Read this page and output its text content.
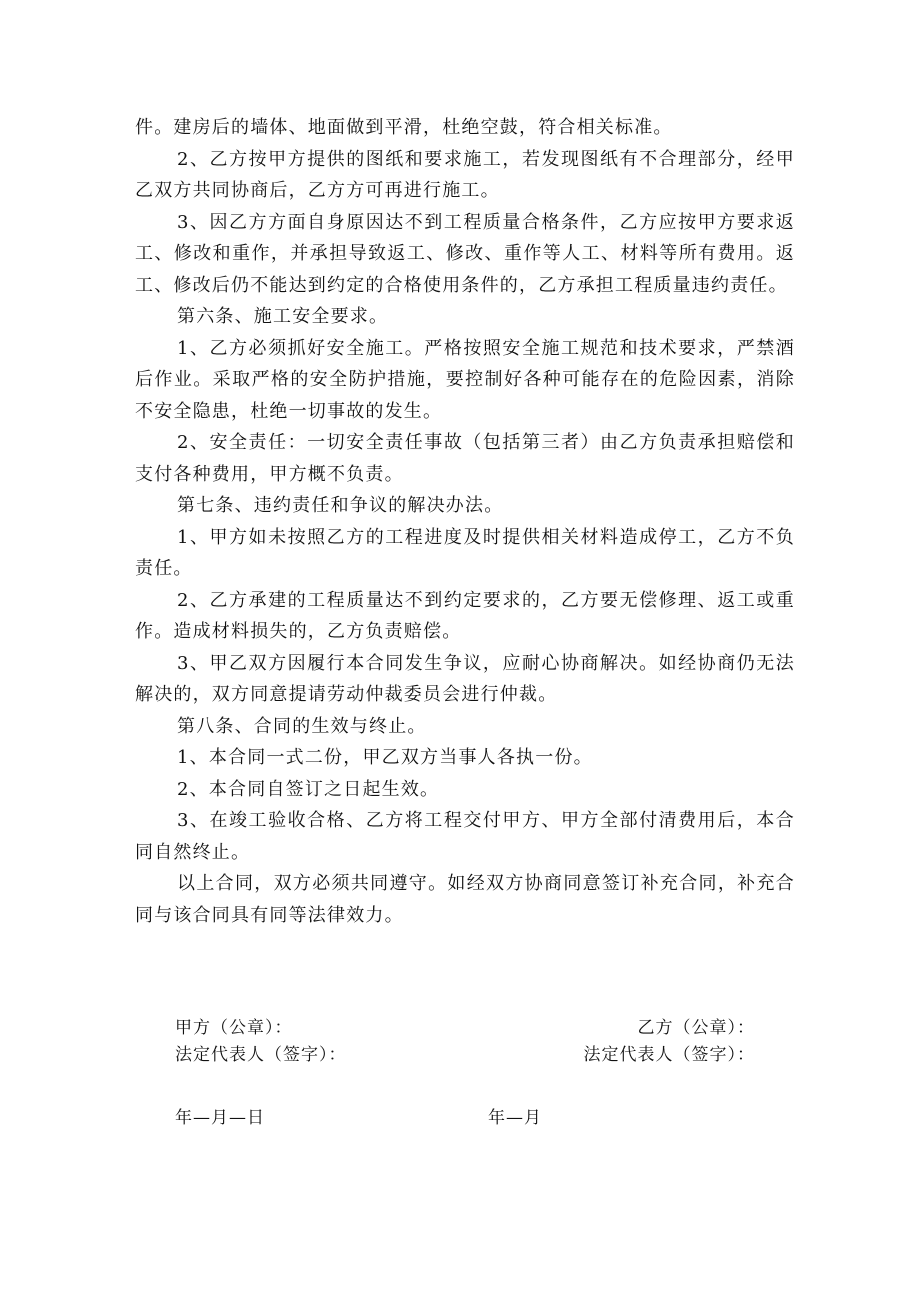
件。建房后的墙体、地面做到平滑，杜绝空鼓，符合相关标准。

2、乙方按甲方提供的图纸和要求施工，若发现图纸有不合理部分，经甲乙双方共同协商后，乙方方可再进行施工。

3、因乙方方面自身原因达不到工程质量合格条件，乙方应按甲方要求返工、修改和重作，并承担导致返工、修改、重作等人工、材料等所有费用。返工、修改后仍不能达到约定的合格使用条件的，乙方承担工程质量违约责任。

第六条、施工安全要求。

1、乙方必须抓好安全施工。严格按照安全施工规范和技术要求，严禁酒后作业。采取严格的安全防护措施，要控制好各种可能存在的危险因素，消除不安全隐患，杜绝一切事故的发生。

2、安全责任：一切安全责任事故（包括第三者）由乙方负责承担赔偿和支付各种费用，甲方概不负责。

第七条、违约责任和争议的解决办法。

1、甲方如未按照乙方的工程进度及时提供相关材料造成停工，乙方不负责任。

2、乙方承建的工程质量达不到约定要求的，乙方要无偿修理、返工或重作。造成材料损失的，乙方负责赔偿。

3、甲乙双方因履行本合同发生争议，应耐心协商解决。如经协商仍无法解决的，双方同意提请劳动仲裁委员会进行仲裁。

第八条、合同的生效与终止。

1、本合同一式二份，甲乙双方当事人各执一份。

2、本合同自签订之日起生效。

3、在竣工验收合格、乙方将工程交付甲方、甲方全部付清费用后，本合同自然终止。

以上合同，双方必须共同遵守。如经双方协商同意签订补充合同，补充合同与该合同具有同等法律效力。

甲方（公章）：	乙方（公章）：
法定代表人（签字）：	法定代表人（签字）：
年—月—日	年—月
